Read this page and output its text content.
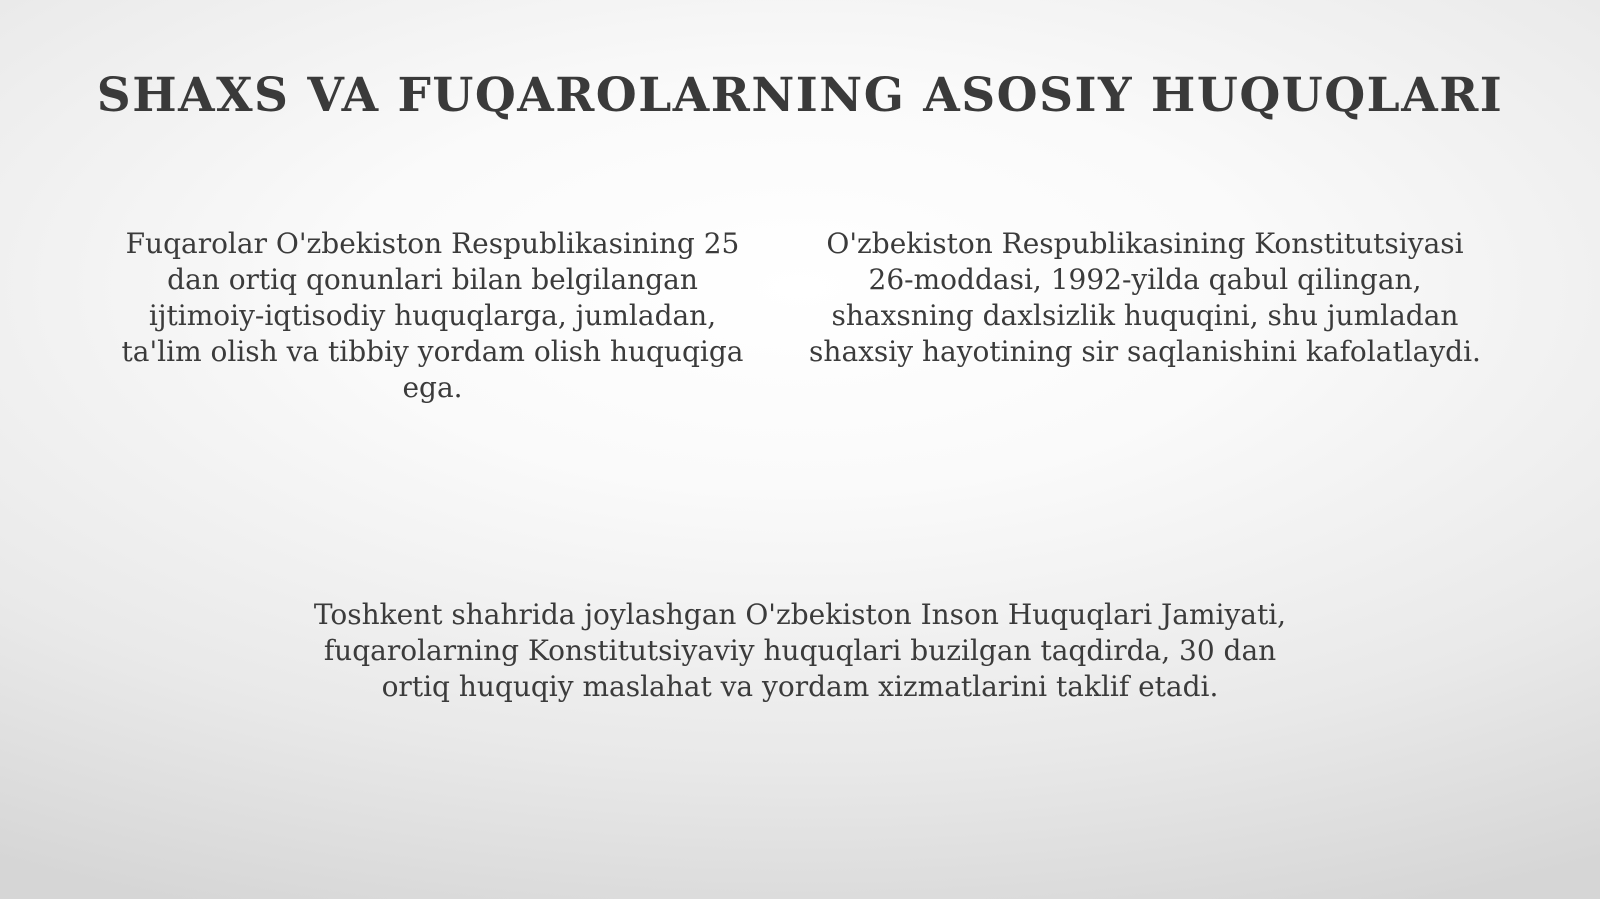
SHAXS VA FUQAROLARNING ASOSIY HUQUQLARI

Fuqarolar O'zbekiston Respublikasining 25 dan ortiq qonunlari bilan belgilangan ijtimoiy-iqtisodiy huquqlarga, jumladan, ta'lim olish va tibbiy yordam olish huquqiga ega.

O'zbekiston Respublikasining Konstitutsiyasi 26-moddasi, 1992-yilda qabul qilingan, shaxsning daxlsizlik huquqini, shu jumladan shaxsiy hayotining sir saqlanishini kafolatlaydi.

Toshkent shahrida joylashgan O'zbekiston Inson Huquqlari Jamiyati, fuqarolarning Konstitutsiyaviy huquqlari buzilgan taqdirda, 30 dan ortiq huquqiy maslahat va yordam xizmatlarini taklif etadi.
